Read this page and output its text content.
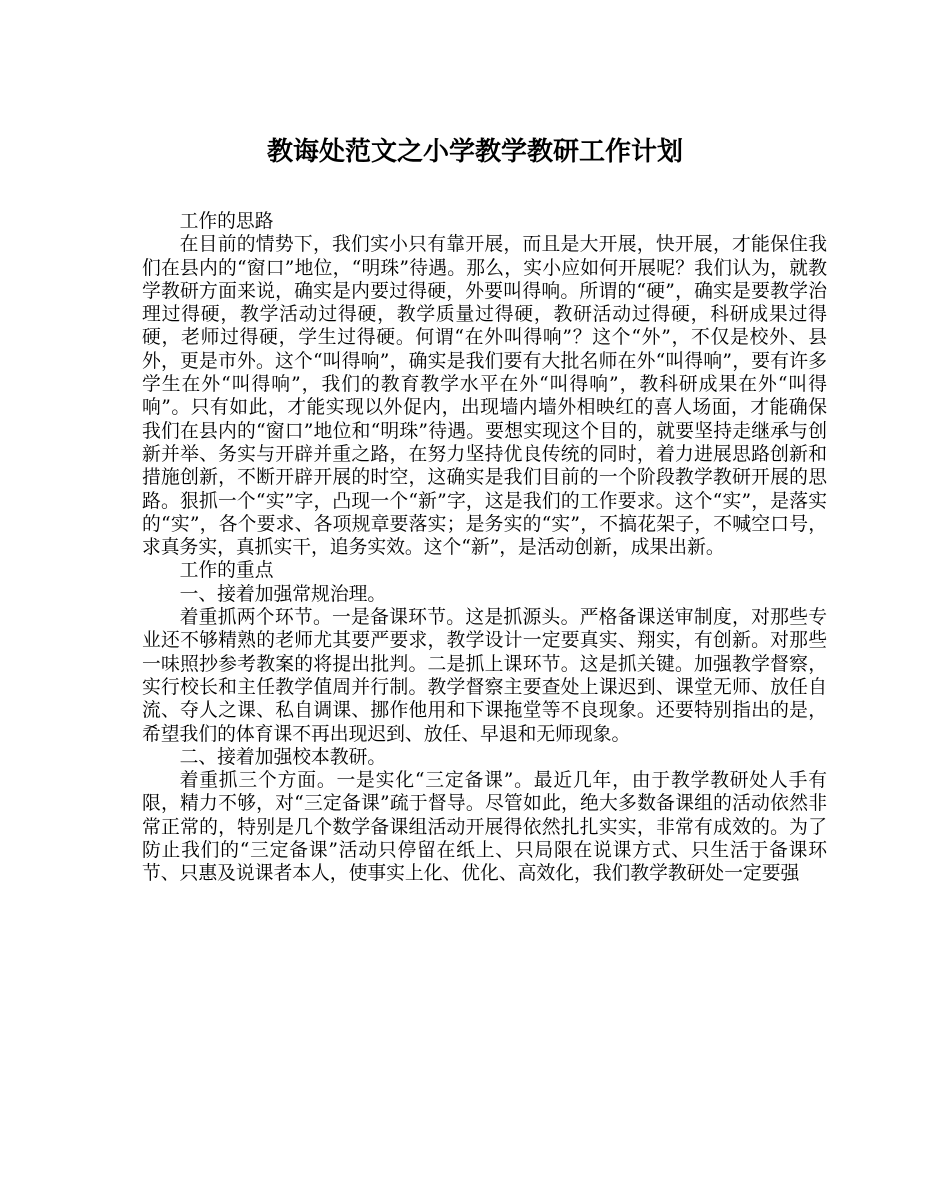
教诲处范文之小学教学教研工作计划

工作的思路

在目前的情势下，我们实小只有靠开展，而且是大开展，快开展，才能保住我们在县内的“窗口”地位，“明珠”待遇。那么，实小应如何开展呢？我们认为，就教学教研方面来说，确实是内要过得硬，外要叫得响。所谓的“硬”，确实是要教学治理过得硬，教学活动过得硬，教学质量过得硬，教研活动过得硬，科研成果过得硬，老师过得硬，学生过得硬。何谓“在外叫得响”？这个“外”，不仅是校外、县外，更是市外。这个“叫得响”，确实是我们要有大批名师在外“叫得响”，要有许多学生在外“叫得响”，我们的教育教学水平在外“叫得响”，教科研成果在外“叫得响”。只有如此，才能实现以外促内，出现墙内墙外相映红的喜人场面，才能确保我们在县内的“窗口”地位和“明珠”待遇。要想实现这个目的，就要坚持走继承与创新并举、务实与开辟并重之路，在努力坚持优良传统的同时，着力进展思路创新和措施创新，不断开辟开展的时空，这确实是我们目前的一个阶段教学教研开展的思路。狠抓一个“实”字，凸现一个“新”字，这是我们的工作要求。这个“实”，是落实的“实”，各个要求、各项规章要落实；是务实的“实”，不搞花架子，不喊空口号，求真务实，真抓实干，追务实效。这个“新”，是活动创新，成果出新。

工作的重点

一、接着加强常规治理。

着重抓两个环节。一是备课环节。这是抓源头。严格备课送审制度，对那些专业还不够精熟的老师尤其要严要求，教学设计一定要真实、翔实，有创新。对那些一味照抄参考教案的将提出批判。二是抓上课环节。这是抓关键。加强教学督察，实行校长和主任教学值周并行制。教学督察主要查处上课迟到、课堂无师、放任自流、夺人之课、私自调课、挪作他用和下课拖堂等不良现象。还要特别指出的是，希望我们的体育课不再出现迟到、放任、早退和无师现象。

二、接着加强校本教研。

着重抓三个方面。一是实化“三定备课”。最近几年，由于教学教研处人手有限，精力不够，对“三定备课”疏于督导。尽管如此，绝大多数备课组的活动依然非常正常的，特别是几个数学备课组活动开展得依然扎扎实实，非常有成效的。为了防止我们的“三定备课”活动只停留在纸上、只局限在说课方式、只生活于备课环节、只惠及说课者本人，使事实上化、优化、高效化，我们教学教研处一定要强
